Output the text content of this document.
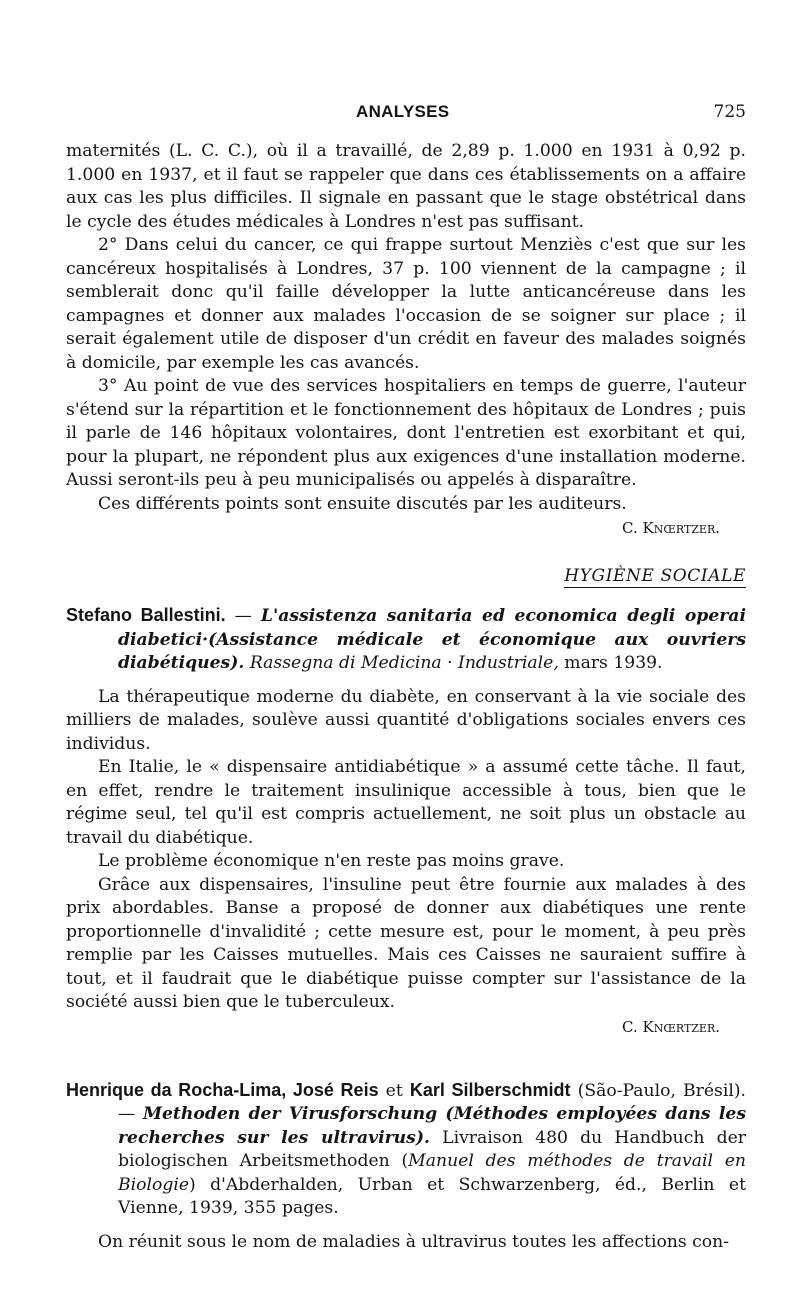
ANALYSES	725

maternités (L. C. C.), où il a travaillé, de 2,89 p. 1.000 en 1931 à 0,92 p. 1.000 en 1937, et il faut se rappeler que dans ces établissements on a affaire aux cas les plus difficiles. Il signale en passant que le stage obstétrical dans le cycle des études médicales à Londres n'est pas suffisant.

2° Dans celui du cancer, ce qui frappe surtout Menziès c'est que sur les cancéreux hospitalisés à Londres, 37 p. 100 viennent de la campagne ; il semblerait donc qu'il faille développer la lutte anticancéreuse dans les campagnes et donner aux malades l'occasion de se soigner sur place ; il serait également utile de disposer d'un crédit en faveur des malades soignés à domicile, par exemple les cas avancés.

3° Au point de vue des services hospitaliers en temps de guerre, l'auteur s'étend sur la répartition et le fonctionnement des hôpitaux de Londres ; puis il parle de 146 hôpitaux volontaires, dont l'entretien est exorbitant et qui, pour la plupart, ne répondent plus aux exigences d'une installation moderne. Aussi seront-ils peu à peu municipalisés ou appelés à disparaître.

Ces différents points sont ensuite discutés par les auditeurs.

C. Knœrtzer.
HYGIÈNE SOCIALE

Stefano Ballestini. — L'assistenza sanitaria ed economica degli operai diabetici·(Assistance médicale et économique aux ouvriers diabétiques). Rassegna di Medicina · Industriale, mars 1939.

La thérapeutique moderne du diabète, en conservant à la vie sociale des milliers de malades, soulève aussi quantité d'obligations sociales envers ces individus.

En Italie, le « dispensaire antidiabétique » a assumé cette tâche. Il faut, en effet, rendre le traitement insulinique accessible à tous, bien que le régime seul, tel qu'il est compris actuellement, ne soit plus un obstacle au travail du diabétique.

Le problème économique n'en reste pas moins grave.

Grâce aux dispensaires, l'insuline peut être fournie aux malades à des prix abordables. Banse a proposé de donner aux diabétiques une rente proportionnelle d'invalidité ; cette mesure est, pour le moment, à peu près remplie par les Caisses mutuelles. Mais ces Caisses ne sauraient suffire à tout, et il faudrait que le diabétique puisse compter sur l'assistance de la société aussi bien que le tuberculeux.

C. Knœrtzer.

Henrique da Rocha-Lima, José Reis et Karl Silberschmidt (São-Paulo, Brésil). — Methoden der Virusforschung (Méthodes employées dans les recherches sur les ultravirus). Livraison 480 du Handbuch der biologischen Arbeitsmethoden (Manuel des méthodes de travail en Biologie) d'Abderhalden, Urban et Schwarzenberg, éd., Berlin et Vienne, 1939, 355 pages.

On réunit sous le nom de maladies à ultravirus toutes les affections con-
